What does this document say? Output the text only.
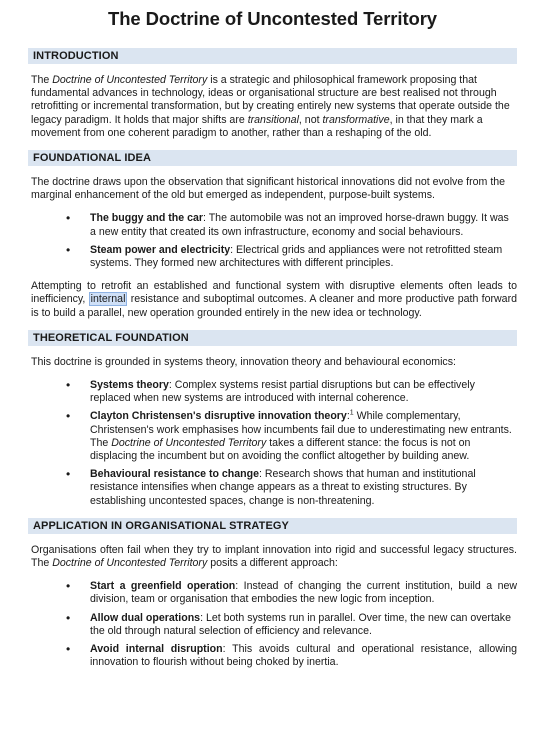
The Doctrine of Uncontested Territory
INTRODUCTION

The Doctrine of Uncontested Territory is a strategic and philosophical framework proposing that fundamental advances in technology, ideas or organisational structure are best realised not through retrofitting or incremental transformation, but by creating entirely new systems that operate outside the legacy paradigm. It holds that major shifts are transitional, not transformative, in that they mark a movement from one coherent paradigm to another, rather than a reshaping of the old.

FOUNDATIONAL IDEA

The doctrine draws upon the observation that significant historical innovations did not evolve from the marginal enhancement of the old but emerged as independent, purpose-built systems.

• The buggy and the car: The automobile was not an improved horse-drawn buggy. It was a new entity that created its own infrastructure, economy and social behaviours.
• Steam power and electricity: Electrical grids and appliances were not retrofitted steam systems. They formed new architectures with different principles.

Attempting to retrofit an established and functional system with disruptive elements often leads to inefficiency, internal resistance and suboptimal outcomes. A cleaner and more productive path forward is to build a parallel, new operation grounded entirely in the new idea or technology.

THEORETICAL FOUNDATION

This doctrine is grounded in systems theory, innovation theory and behavioural economics:

• Systems theory: Complex systems resist partial disruptions but can be effectively replaced when new systems are introduced with internal coherence.
• Clayton Christensen's disruptive innovation theory:$^1$ While complementary, Christensen's work emphasises how incumbents fail due to underestimating new entrants. The Doctrine of Uncontested Territory takes a different stance: the focus is not on displacing the incumbent but on avoiding the conflict altogether by building anew.
• Behavioural resistance to change: Research shows that human and institutional resistance intensifies when change appears as a threat to existing structures. By establishing uncontested spaces, change is non-threatening.
APPLICATION IN ORGANISATIONAL STRATEGY

Organisations often fail when they try to implant innovation into rigid and successful legacy structures. The Doctrine of Uncontested Territory posits a different approach:

• Start a greenfield operation: Instead of changing the current institution, build a new division, team or organisation that embodies the new logic from inception.
• Allow dual operations: Let both systems run in parallel. Over time, the new can overtake the old through natural selection of efficiency and relevance.
• Avoid internal disruption: This avoids cultural and operational resistance, allowing innovation to flourish without being choked by inertia.
